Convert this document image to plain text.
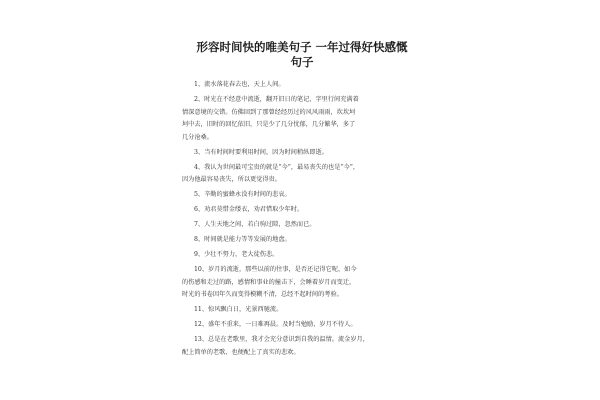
形容时间快的唯美句子 一年过得好快感慨
句子
1、流水落花春去也，天上人间。
2、时光在不经意中流逝，翻开旧日的笔记，字里行间充满着
情深意境的交错。仿佛回到了那曾经经历过的风风雨雨，坎坎坷
坷中去，旧时的回忆依旧，只是少了几分忧郁，几分繁华，多了
几分沧桑。
3、当有时间时要利用时间，因为时间稍纵即逝。
4、我认为世间最可宝贵的就是“今”，最易丧失的也是“今”，
因为他最容易丧失，所以更觉得贵。
5、辛勤的蜜蜂永没有时间的悲哀。
6、劝君莫惜金缕衣，劝君惜取少年时。
7、人生天地之间，若白驹过隙，忽然而已。
8、时间就是能力等等发展的地盘。
9、少壮不努力，老大徒伤悲。
10、岁月的流逝，那些以前的往事，是否还记得它呢，如今
的伤感和走过的路，感情和事业的撞击下，会睡着岁月而变迁，
时光的书卷因年久而变得模糊不清，总经不起时间的考验。
11、惊风飘白日，光景西驰流。
12、盛年不重来，一日难再晨。及时当勉励，岁月不待人。
13、总是在老歌里，我才会充分意识到自我的温情。流金岁月，
配上简单的老歌，也便配上了真实的悲欢。
